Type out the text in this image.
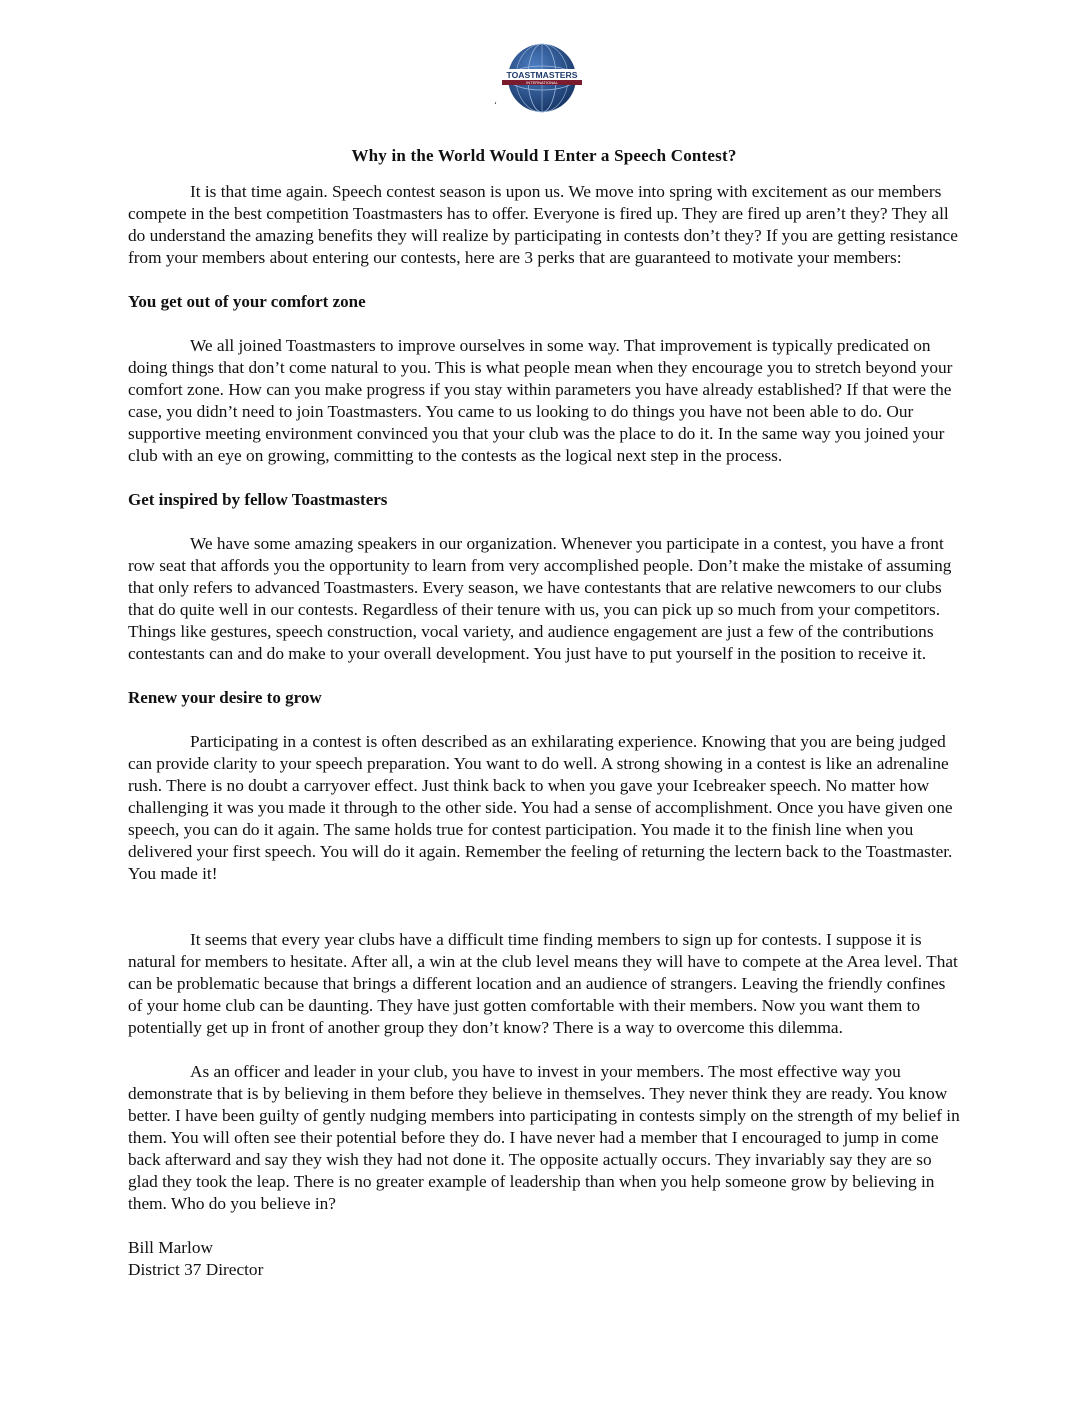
TOASTMASTERS
INTERNATIONAL
‘
Why in the World Would I Enter a Speech Contest?

It is that time again. Speech contest season is upon us. We move into spring with excitement as our members compete in the best competition Toastmasters has to offer. Everyone is fired up. They are fired up aren’t they? They all do understand the amazing benefits they will realize by participating in contests don’t they? If you are getting resistance from your members about entering our contests, here are 3 perks that are guaranteed to motivate your members:

You get out of your comfort zone

We all joined Toastmasters to improve ourselves in some way. That improvement is typically predicated on doing things that don’t come natural to you. This is what people mean when they encourage you to stretch beyond your comfort zone. How can you make progress if you stay within parameters you have already established? If that were the case, you didn’t need to join Toastmasters. You came to us looking to do things you have not been able to do. Our supportive meeting environment convinced you that your club was the place to do it. In the same way you joined your club with an eye on growing, committing to the contests as the logical next step in the process.

Get inspired by fellow Toastmasters

We have some amazing speakers in our organization. Whenever you participate in a contest, you have a front row seat that affords you the opportunity to learn from very accomplished people. Don’t make the mistake of assuming that only refers to advanced Toastmasters. Every season, we have contestants that are relative newcomers to our clubs that do quite well in our contests. Regardless of their tenure with us, you can pick up so much from your competitors. Things like gestures, speech construction, vocal variety, and audience engagement are just a few of the contributions contestants can and do make to your overall development. You just have to put yourself in the position to receive it.

Renew your desire to grow

Participating in a contest is often described as an exhilarating experience. Knowing that you are being judged can provide clarity to your speech preparation. You want to do well. A strong showing in a contest is like an adrenaline rush. There is no doubt a carryover effect. Just think back to when you gave your Icebreaker speech. No matter how challenging it was you made it through to the other side. You had a sense of accomplishment. Once you have given one speech, you can do it again. The same holds true for contest participation. You made it to the finish line when you delivered your first speech. You will do it again. Remember the feeling of returning the lectern back to the Toastmaster. You made it!

It seems that every year clubs have a difficult time finding members to sign up for contests. I suppose it is natural for members to hesitate. After all, a win at the club level means they will have to compete at the Area level. That can be problematic because that brings a different location and an audience of strangers. Leaving the friendly confines of your home club can be daunting. They have just gotten comfortable with their members. Now you want them to potentially get up in front of another group they don’t know? There is a way to overcome this dilemma.

As an officer and leader in your club, you have to invest in your members. The most effective way you demonstrate that is by believing in them before they believe in themselves. They never think they are ready. You know better. I have been guilty of gently nudging members into participating in contests simply on the strength of my belief in them. You will often see their potential before they do. I have never had a member that I encouraged to jump in come back afterward and say they wish they had not done it. The opposite actually occurs. They invariably say they are so glad they took the leap. There is no greater example of leadership than when you help someone grow by believing in them. Who do you believe in?

Bill Marlow

District 37 Director
